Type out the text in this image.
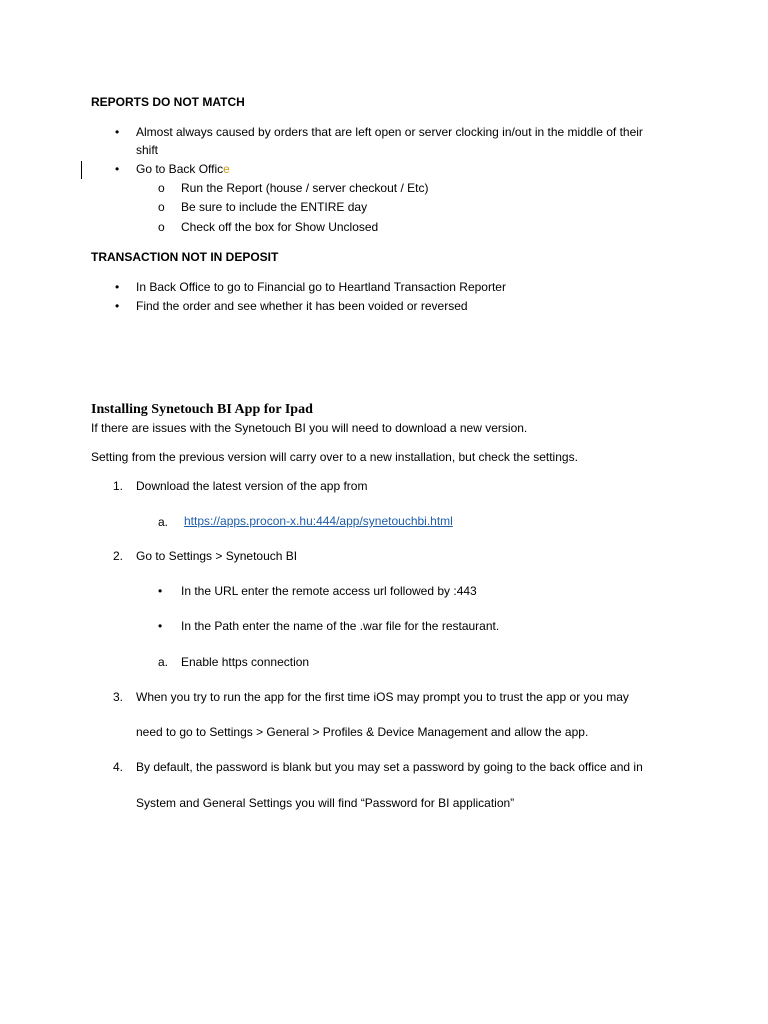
REPORTS DO NOT MATCH
• Almost always caused by orders that are left open or server clocking in/out in the middle of their
shift
• Go to Back Office
o Run the Report (house / server checkout / Etc)
o Be sure to include the ENTIRE day
o Check off the box for Show Unclosed
TRANSACTION NOT IN DEPOSIT
• In Back Office to go to Financial go to Heartland Transaction Reporter
• Find the order and see whether it has been voided or reversed
Installing Synetouch BI App for Ipad
If there are issues with the Synetouch BI you will need to download a new version.
Setting from the previous version will carry over to a new installation, but check the settings.
1. Download the latest version of the app from
a. https://apps.procon-x.hu:444/app/synetouchbi.html
2. Go to Settings > Synetouch BI
• In the URL enter the remote access url followed by :443
• In the Path enter the name of the .war file for the restaurant.
a. Enable https connection
3. When you try to run the app for the first time iOS may prompt you to trust the app or you may
need to go to Settings > General > Profiles & Device Management and allow the app.
4. By default, the password is blank but you may set a password by going to the back office and in
System and General Settings you will find “Password for BI application”
